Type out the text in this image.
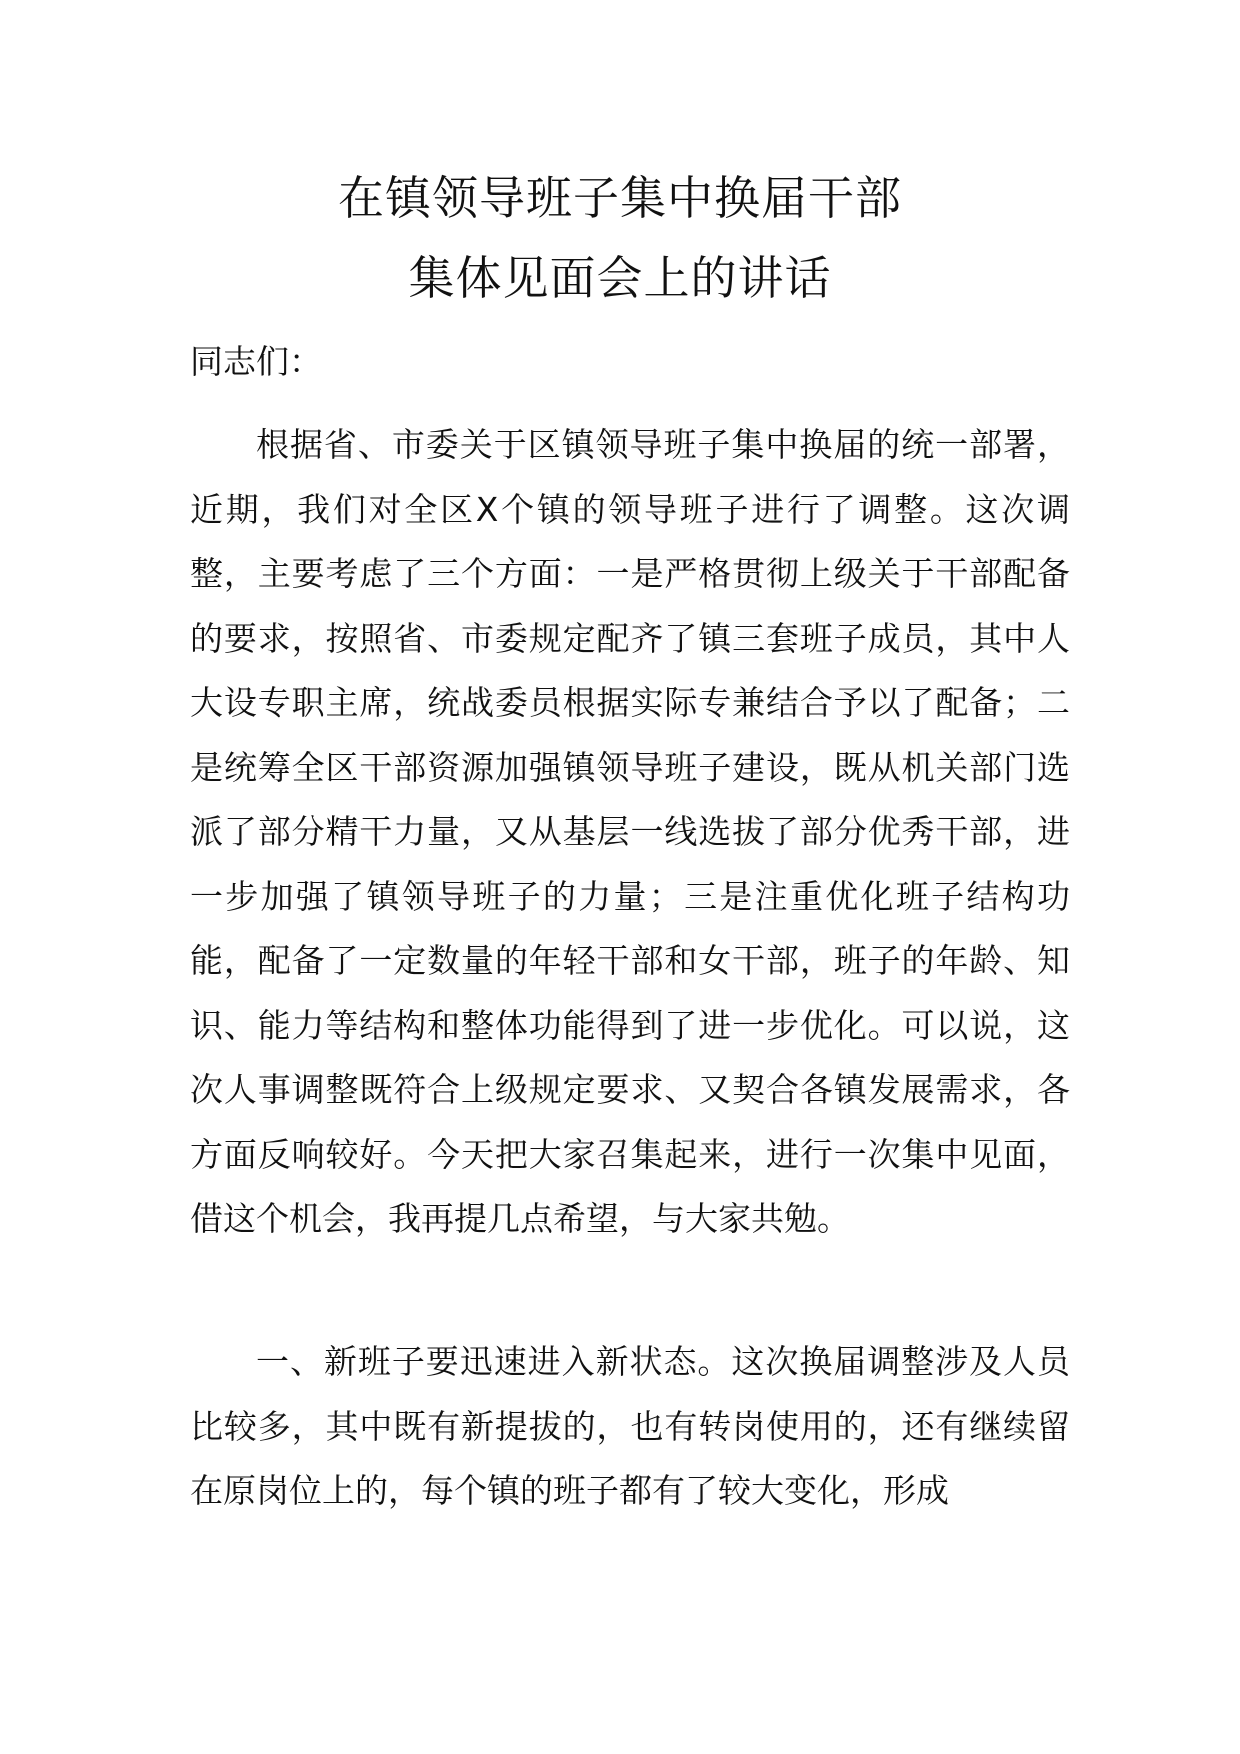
在镇领导班子集中换届干部
集体见面会上的讲话

同志们：

根据省、市委关于区镇领导班子集中换届的统一部署，近期，我们对全区X个镇的领导班子进行了调整。这次调整，主要考虑了三个方面：一是严格贯彻上级关于干部配备的要求，按照省、市委规定配齐了镇三套班子成员，其中人大设专职主席，统战委员根据实际专兼结合予以了配备；二是统筹全区干部资源加强镇领导班子建设，既从机关部门选派了部分精干力量，又从基层一线选拔了部分优秀干部，进一步加强了镇领导班子的力量；三是注重优化班子结构功能，配备了一定数量的年轻干部和女干部，班子的年龄、知识、能力等结构和整体功能得到了进一步优化。可以说，这次人事调整既符合上级规定要求、又契合各镇发展需求，各方面反响较好。今天把大家召集起来，进行一次集中见面，借这个机会，我再提几点希望，与大家共勉。

一、新班子要迅速进入新状态。这次换届调整涉及人员比较多，其中既有新提拔的，也有转岗使用的，还有继续留在原岗位上的，每个镇的班子都有了较大变化，形成
